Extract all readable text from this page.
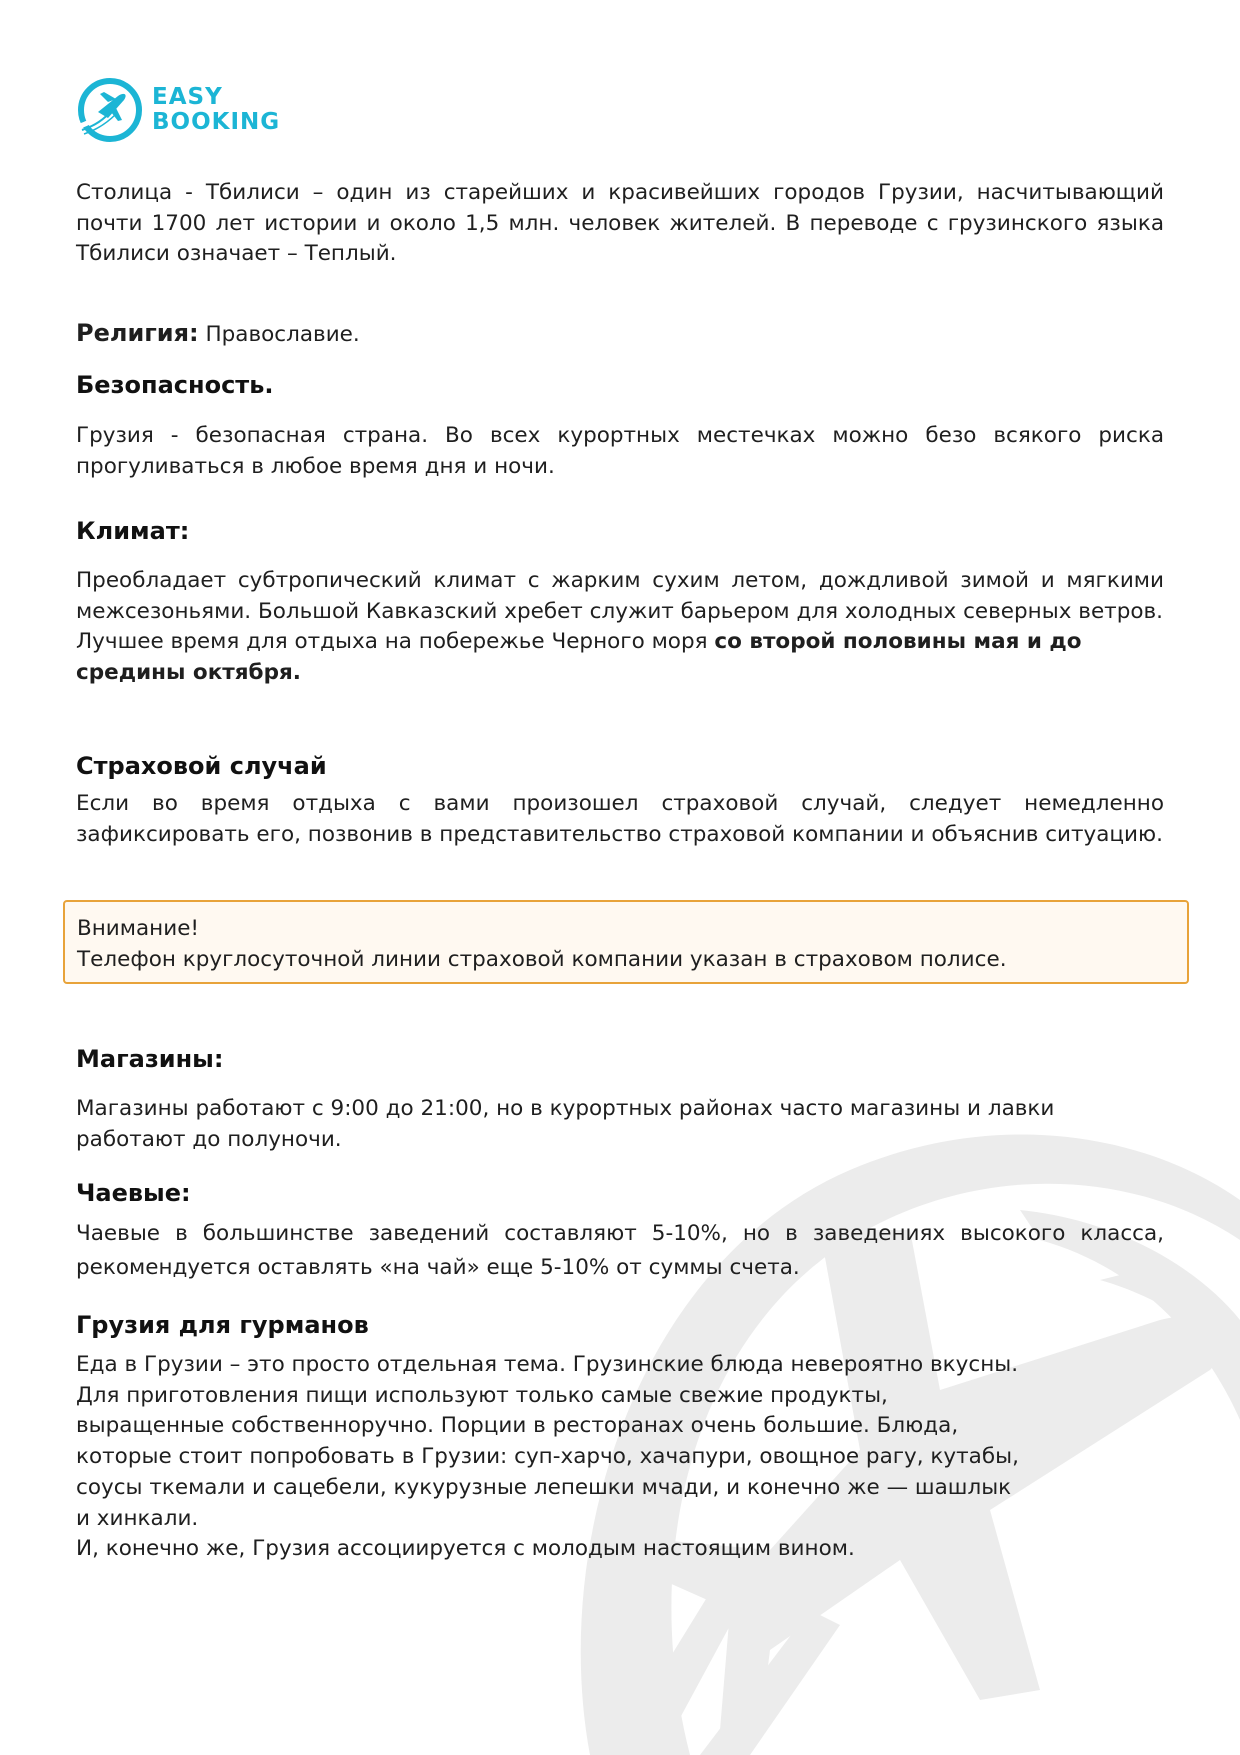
EASY
BOOKING

Столица - Тбилиси – один из старейших и красивейших городов Грузии, насчитывающий почти 1700 лет истории и около 1,5 млн. человек жителей. В переводе с грузинского языка Тбилиси означает – Теплый.

Религия: Православие.

Безопасность.

Грузия - безопасная страна. Во всех курортных местечках можно безо всякого риска прогуливаться в любое время дня и ночи.

Климат:

Преобладает субтропический климат с жарким сухим летом, дождливой зимой и мягкими межсезоньями. Большой Кавказский хребет служит барьером для холодных северных ветров.

Лучшее время для отдыха на побережье Черного моря со второй половины мая и до средины октября.

Страховой случай

Если во время отдыха с вами произошел страховой случай, следует немедленно зафиксировать его, позвонив в представительство страховой компании и объяснив ситуацию.

Внимание!

Телефон круглосуточной линии страховой компании указан в страховом полисе.

Магазины:

Магазины работают с 9:00 до 21:00, но в курортных районах часто магазины и лавки работают до полуночи.

Чаевые:

Чаевые в большинстве заведений составляют 5-10%, но в заведениях высокого класса, рекомендуется оставлять «на чай» еще 5-10% от суммы счета.

Грузия для гурманов

Еда в Грузии – это просто отдельная тема. Грузинские блюда невероятно вкусны.

Для приготовления пищи используют только самые свежие продукты,

выращенные собственноручно. Порции в ресторанах очень большие. Блюда,

которые стоит попробовать в Грузии: суп-харчо, хачапури, овощное рагу, кутабы,

соусы ткемали и сацебели, кукурузные лепешки мчади, и конечно же — шашлык

и хинкали.

И, конечно же, Грузия ассоциируется с молодым настоящим вином.
